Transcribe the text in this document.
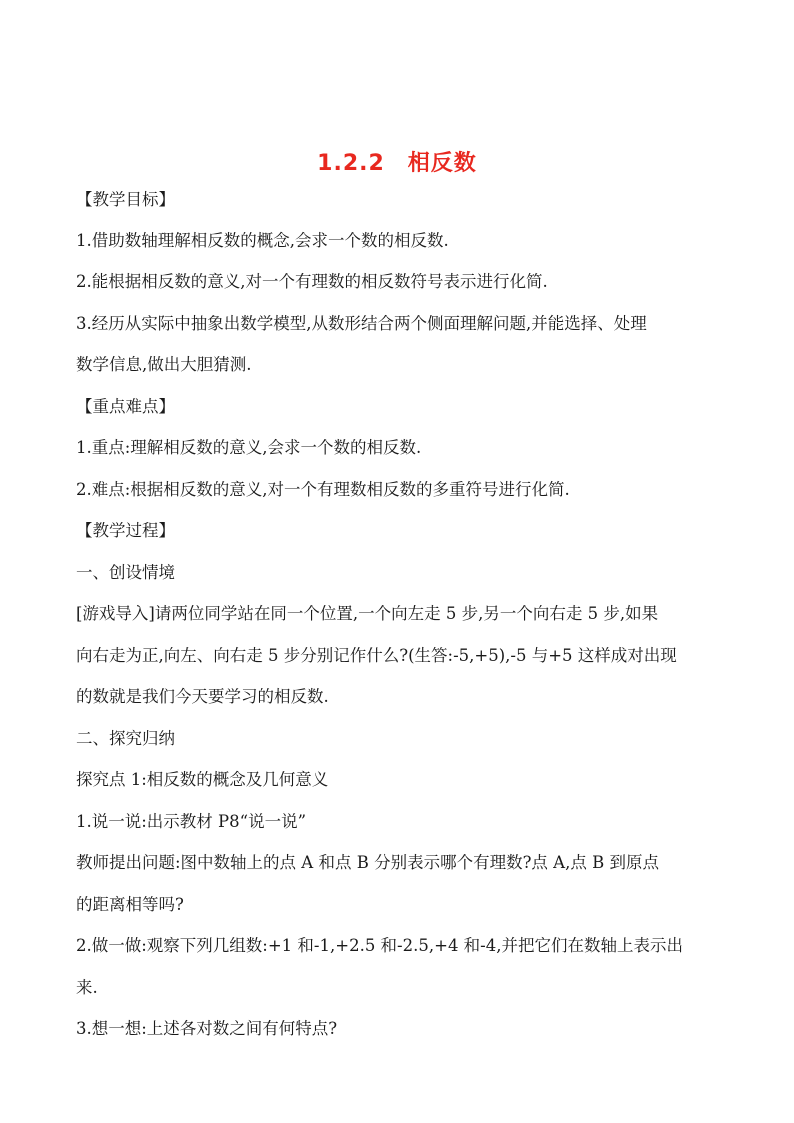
1.2.2　相反数
【教学目标】
1.借助数轴理解相反数的概念,会求一个数的相反数.
2.能根据相反数的意义,对一个有理数的相反数符号表示进行化简.
3.经历从实际中抽象出数学模型,从数形结合两个侧面理解问题,并能选择、处理
数学信息,做出大胆猜测.
【重点难点】
1.重点:理解相反数的意义,会求一个数的相反数.
2.难点:根据相反数的意义,对一个有理数相反数的多重符号进行化简.
【教学过程】
一、创设情境
[游戏导入]请两位同学站在同一个位置,一个向左走 5 步,另一个向右走 5 步,如果
向右走为正,向左、向右走 5 步分别记作什么?(生答:-5,+5),-5 与+5 这样成对出现
的数就是我们今天要学习的相反数.
二、探究归纳
探究点 1:相反数的概念及几何意义
1.说一说:出示教材 P8“说一说”
教师提出问题:图中数轴上的点 A 和点 B 分别表示哪个有理数?点 A,点 B 到原点
的距离相等吗?
2.做一做:观察下列几组数:+1 和-1,+2.5 和-2.5,+4 和-4,并把它们在数轴上表示出
来.
3.想一想:上述各对数之间有何特点?
